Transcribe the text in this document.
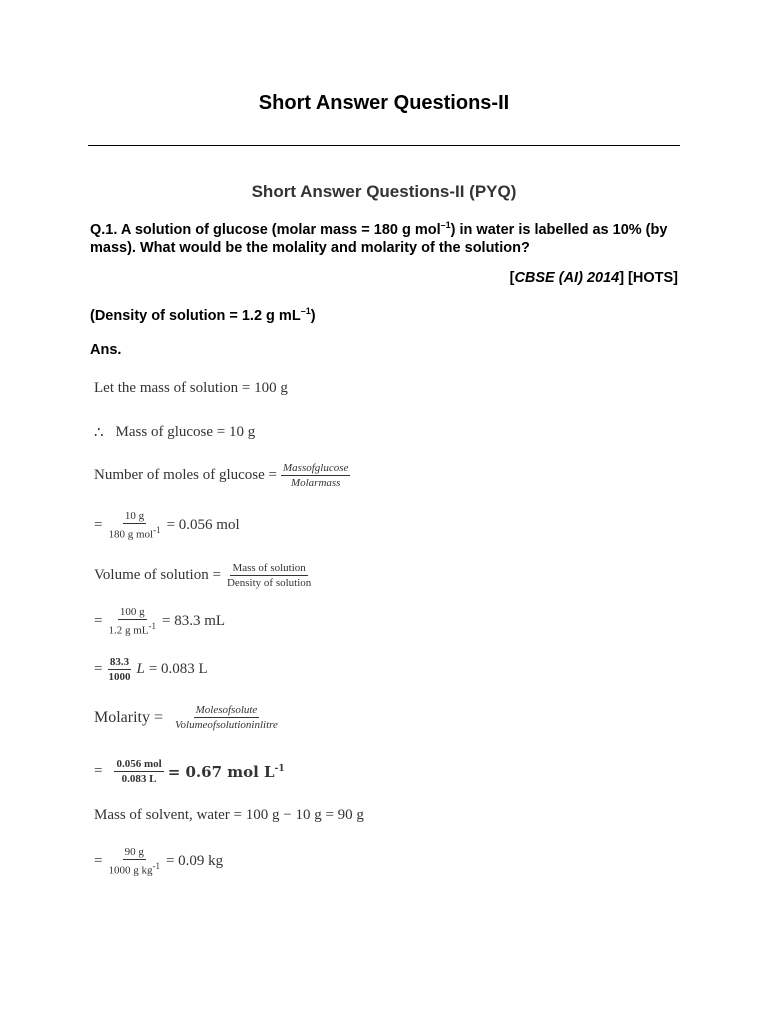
Short Answer Questions-II
Short Answer Questions-II (PYQ)
Q.1. A solution of glucose (molar mass = 180 g mol$^{-1}$) in water is labelled as 10% (by mass). What would be the molality and molarity of the solution?
[CBSE (AI) 2014] [HOTS]
(Density of solution = 1.2 g $mL^{-1}$)
Ans.
Let the mass of solution = 100 g
∴ Mass of glucose = 10 g
Number of moles of $glucose = \frac{\text{Massofglucose}}{\text{Molarmass}}$
= $\frac{10 g}{180 g mol^{-1}} = 0.056$ mol
Volume of solution = $\frac{\text{Mass of solution}}{\text{Density of solution}}$
= $\frac{100 g}{1.2 g mL^{-1}} = 83.3$ mL
= $\frac{83.3}{1000}$ L = 0.083 L
Molarity = $\frac{\text{Molesofsolute}}{\text{Volumeofsolutioninlitre}}$
= $\frac{\text{0.056 mol}}{0.083 L} = 0.67$ mol $L^{-1}$
Mass of solvent, water = 100 g − 10 g = 90 g
= $\frac{90 g}{1000 g kg^{-1}} = 0.09$ kg
